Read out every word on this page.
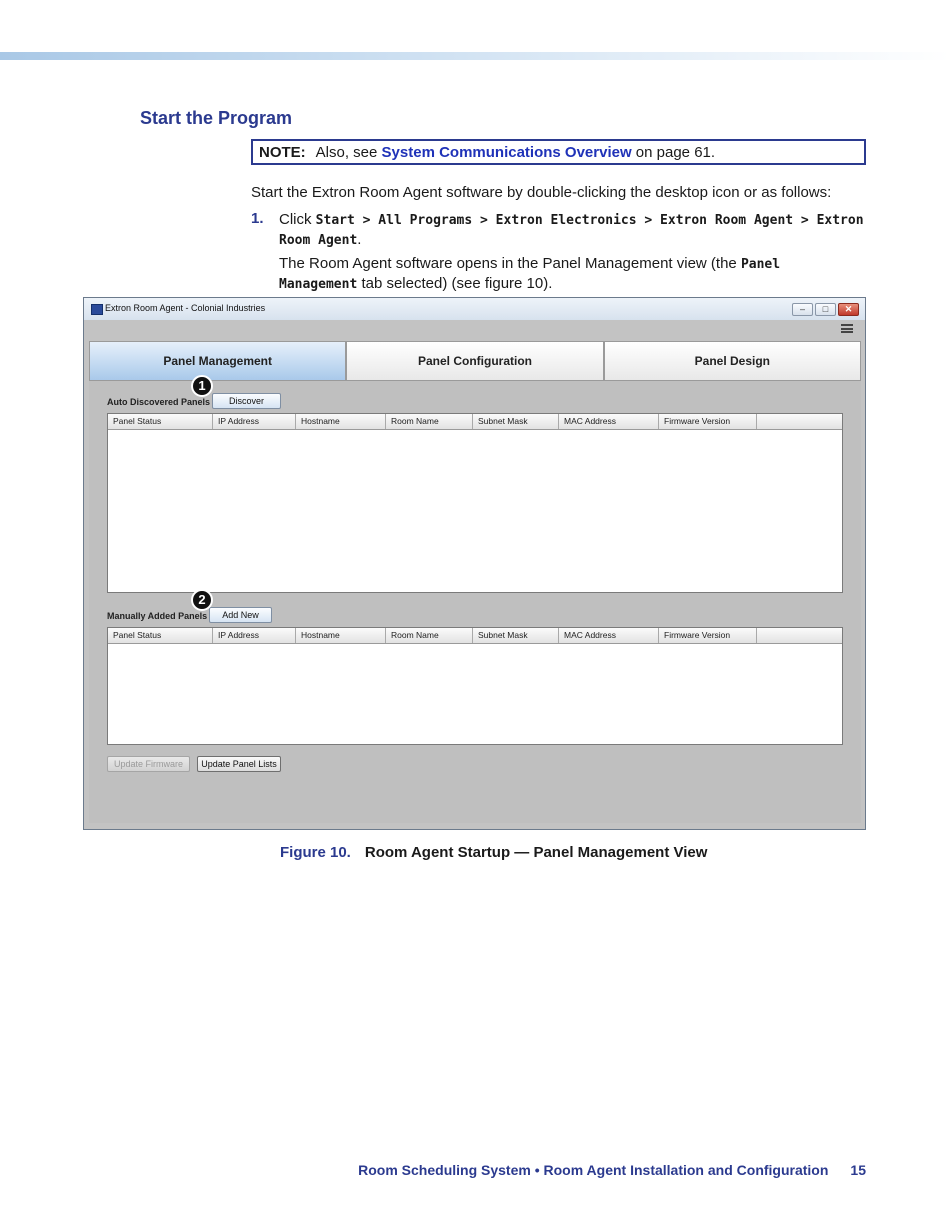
Start the Program
NOTE: Also, see System Communications Overview on page 61.
Start the Extron Room Agent software by double-clicking the desktop icon or as follows:
1. Click Start > All Programs > Extron Electronics > Extron Room Agent > Extron Room Agent.
The Room Agent software opens in the Panel Management view (the Panel Management tab selected) (see figure 10).
Extron Room Agent - Colonial Industries	–	□	✕
Panel Management	Panel Configuration	Panel Design
Auto Discovered Panels	Discover
1
Panel Status	IP Address	Hostname	Room Name	Subnet Mask	MAC Address	Firmware Version
Manually Added Panels	Add New
2
Panel Status	IP Address	Hostname	Room Name	Subnet Mask	MAC Address	Firmware Version
Update Firmware	Update Panel Lists
Figure 10. Room Agent Startup — Panel Management View
Room Scheduling System • Room Agent Installation and Configuration 15
